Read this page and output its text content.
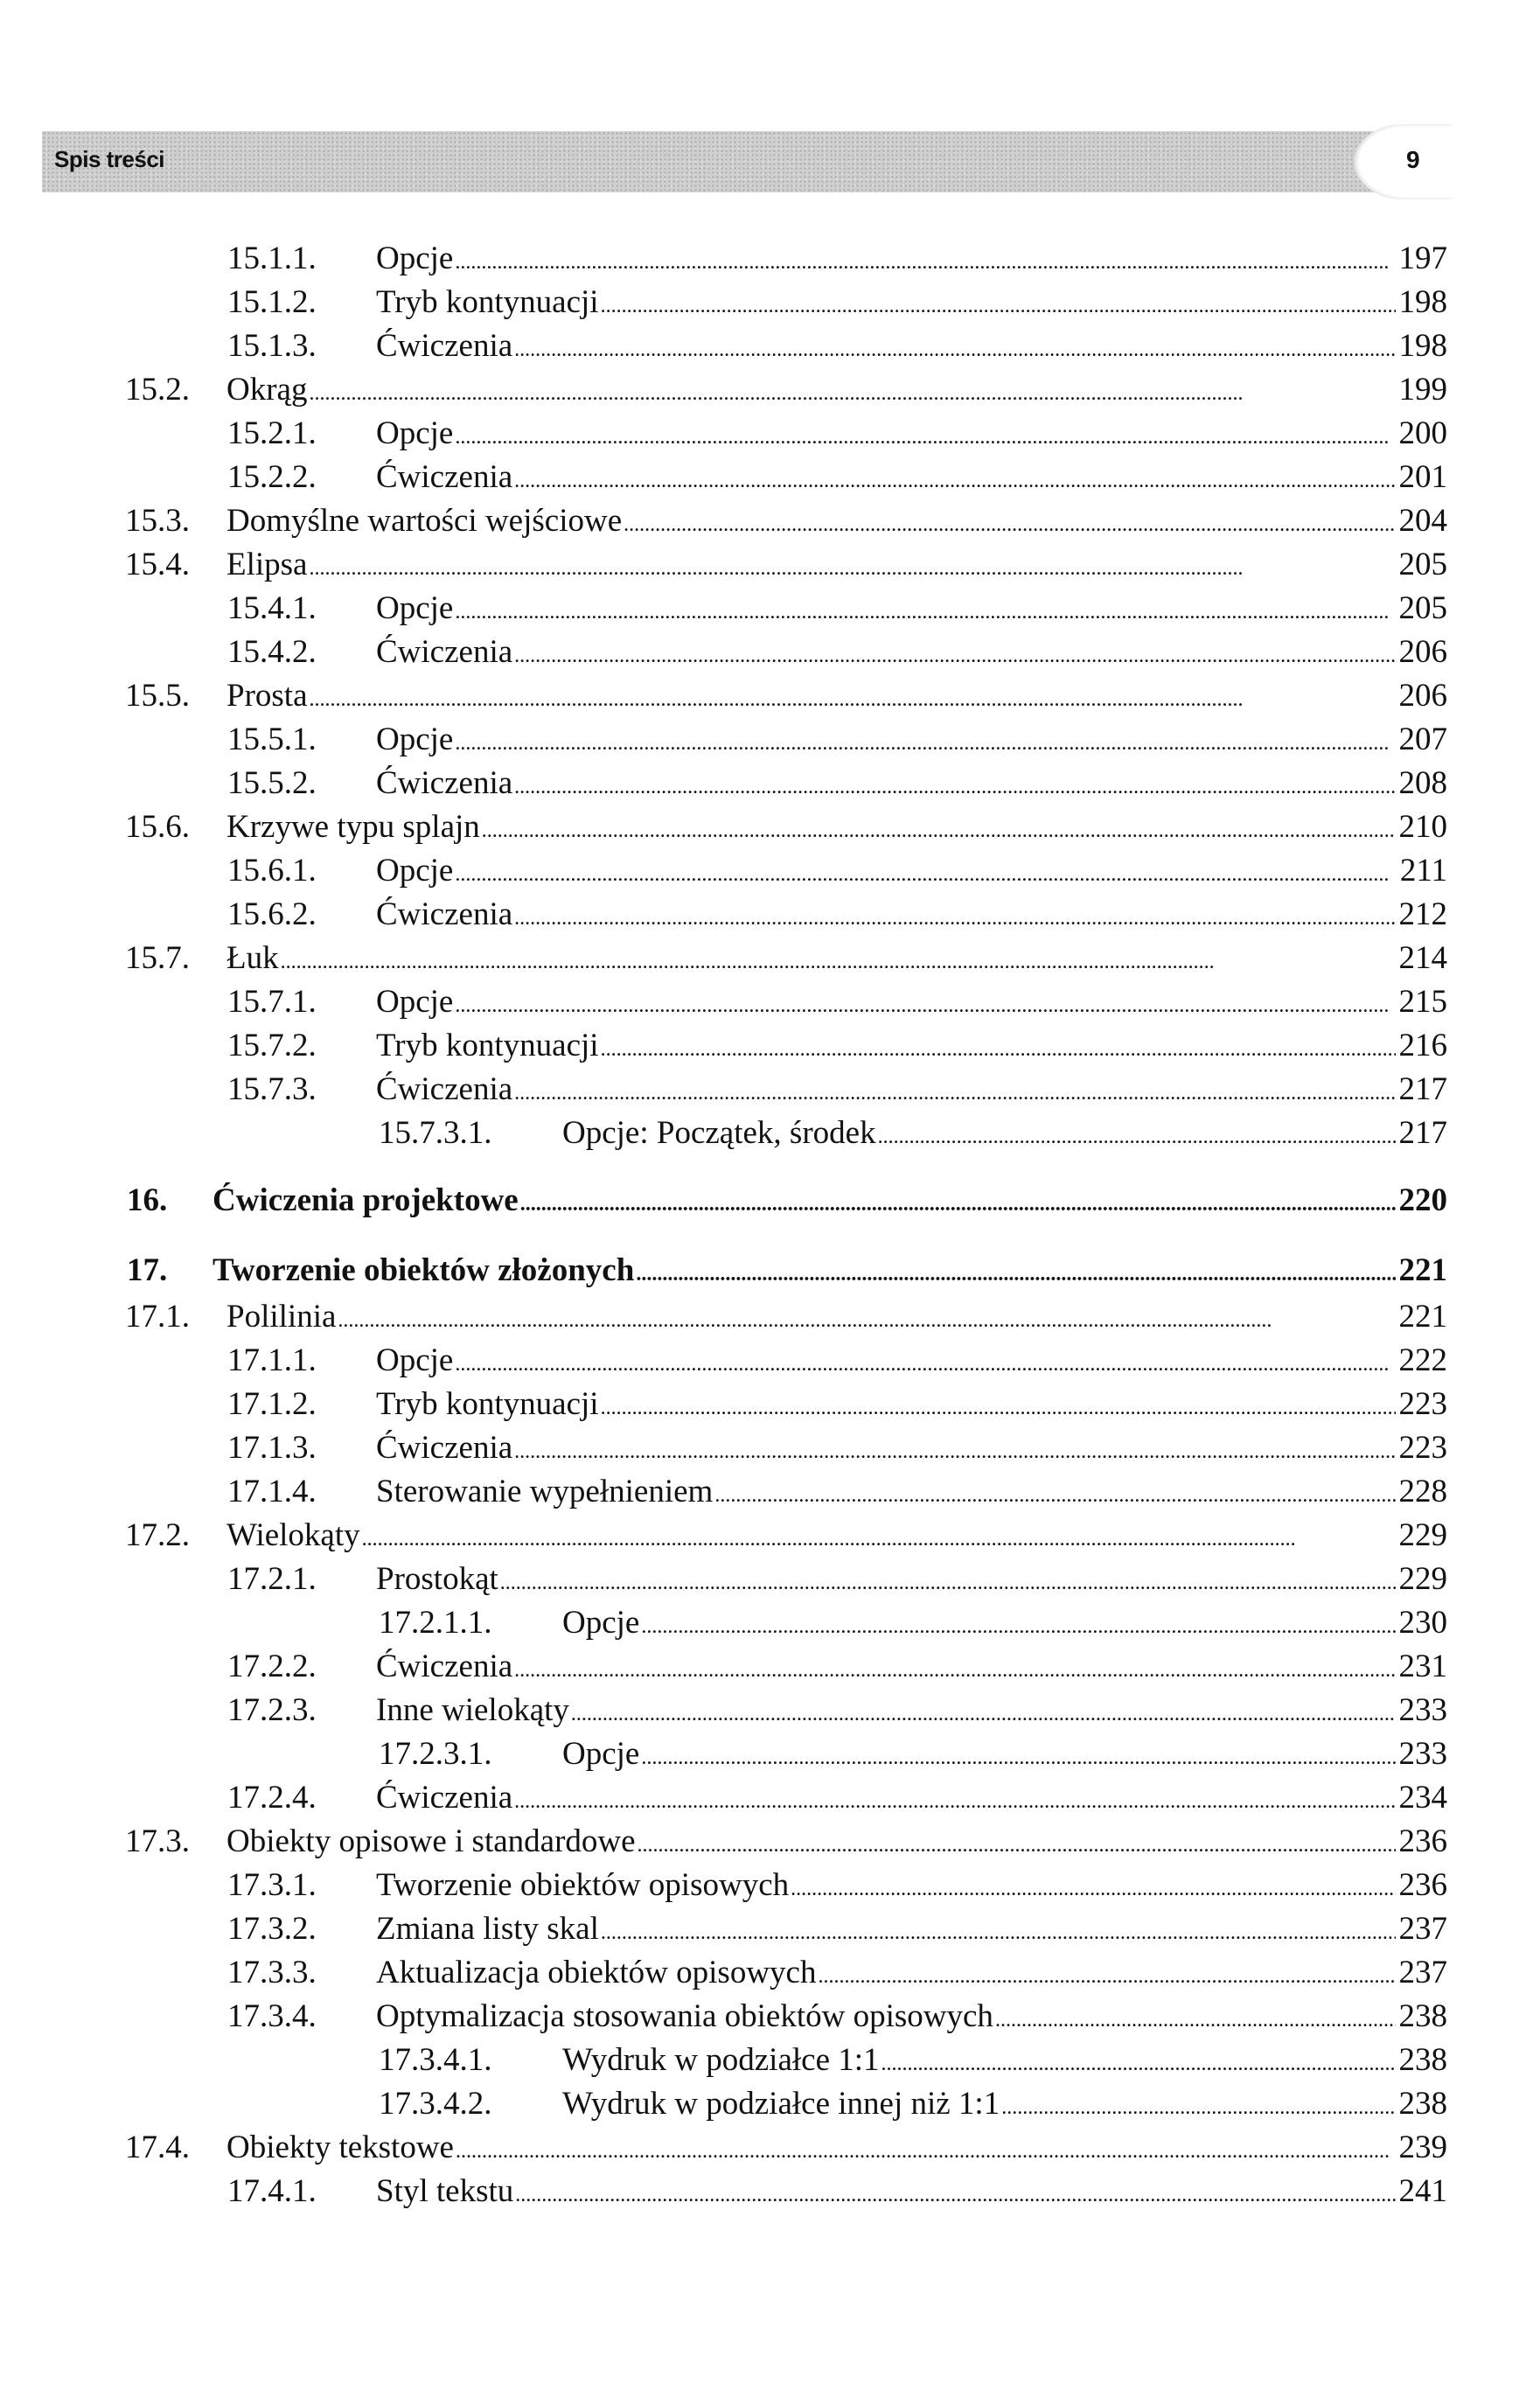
Spis treści	9
15.1.1.	Opcje . . .	197
15.1.2.	Tryb kontynuacji . . .	198
15.1.3.	Ćwiczenia . . .	198
15.2.	Okrąg . . .	199
15.2.1.	Opcje . . .	200
15.2.2.	Ćwiczenia . . .	201
15.3.	Domyślne wartości wejściowe . . .	204
15.4.	Elipsa . . .	205
15.4.1.	Opcje . . .	205
15.4.2.	Ćwiczenia . . .	206
15.5.	Prosta . . .	206
15.5.1.	Opcje . . .	207
15.5.2.	Ćwiczenia . . .	208
15.6.	Krzywe typu splajn . . .	210
15.6.1.	Opcje . . .	211
15.6.2.	Ćwiczenia . . .	212
15.7.	Łuk . . .	214
15.7.1.	Opcje . . .	215
15.7.2.	Tryb kontynuacji . . .	216
15.7.3.	Ćwiczenia . . .	217
15.7.3.1.	Opcje: Początek, środek . . .	217
16.	Ćwiczenia projektowe . . .	220
17.	Tworzenie obiektów złożonych . . .	221
17.1.	Polilinia . . .	221
17.1.1.	Opcje . . .	222
17.1.2.	Tryb kontynuacji . . .	223
17.1.3.	Ćwiczenia . . .	223
17.1.4.	Sterowanie wypełnieniem . . .	228
17.2.	Wielokąty . . .	229
17.2.1.	Prostokąt . . .	229
17.2.1.1.	Opcje . . .	230
17.2.2.	Ćwiczenia . . .	231
17.2.3.	Inne wielokąty . . .	233
17.2.3.1.	Opcje . . .	233
17.2.4.	Ćwiczenia . . .	234
17.3.	Obiekty opisowe i standardowe . . .	236
17.3.1.	Tworzenie obiektów opisowych . . .	236
17.3.2.	Zmiana listy skal . . .	237
17.3.3.	Aktualizacja obiektów opisowych . . .	237
17.3.4.	Optymalizacja stosowania obiektów opisowych . . .	238
17.3.4.1.	Wydruk w podziałce 1:1 . . .	238
17.3.4.2.	Wydruk w podziałce innej niż 1:1 . . .	238
17.4.	Obiekty tekstowe . . .	239
17.4.1.	Styl tekstu . . .	241
